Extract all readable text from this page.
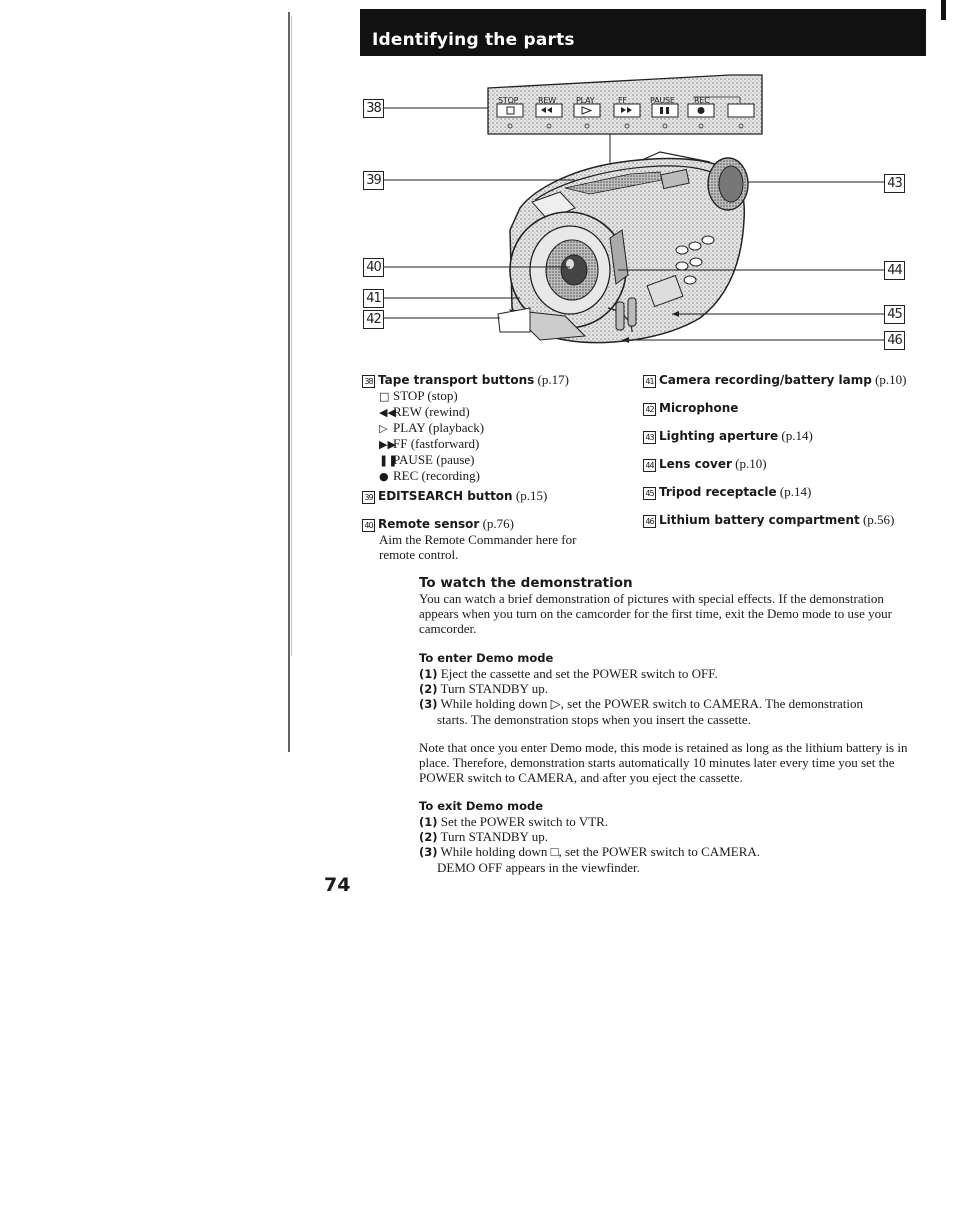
Identifying the parts
STOP REW	PLAY	FF	PAUSE REC
38
39
40
41
42
43
44
45
46
38 Tape transport buttons (p.17)
□ STOP (stop)
◀◀REW (rewind)
▷ PLAY (playback)
▶▶FF (fastforward)
❚❚PAUSE (pause)
● REC (recording)
39 EDITSEARCH button (p.15)
40 Remote sensor (p.76)
Aim the Remote Commander here for
remote control.
41 Camera recording/battery lamp (p.10)
42 Microphone
43 Lighting aperture (p.14)
44 Lens cover (p.10)
45 Tripod receptacle (p.14)
46 Lithium battery compartment (p.56)
To watch the demonstration
You can watch a brief demonstration of pictures with special effects. If the demonstration appears when you turn on the camcorder for the first time, exit the Demo mode to use your camcorder.
To enter Demo mode
(1) Eject the cassette and set the POWER switch to OFF.
(2) Turn STANDBY up.
(3) While holding down ▷, set the POWER switch to CAMERA. The demonstration
starts. The demonstration stops when you insert the cassette.
Note that once you enter Demo mode, this mode is retained as long as the lithium battery is in place. Therefore, demonstration starts automatically 10 minutes later every time you set the POWER switch to CAMERA, and after you eject the cassette.
To exit Demo mode
(1) Set the POWER switch to VTR.
(2) Turn STANDBY up.
(3) While holding down □, set the POWER switch to CAMERA.
DEMO OFF appears in the viewfinder.
74
